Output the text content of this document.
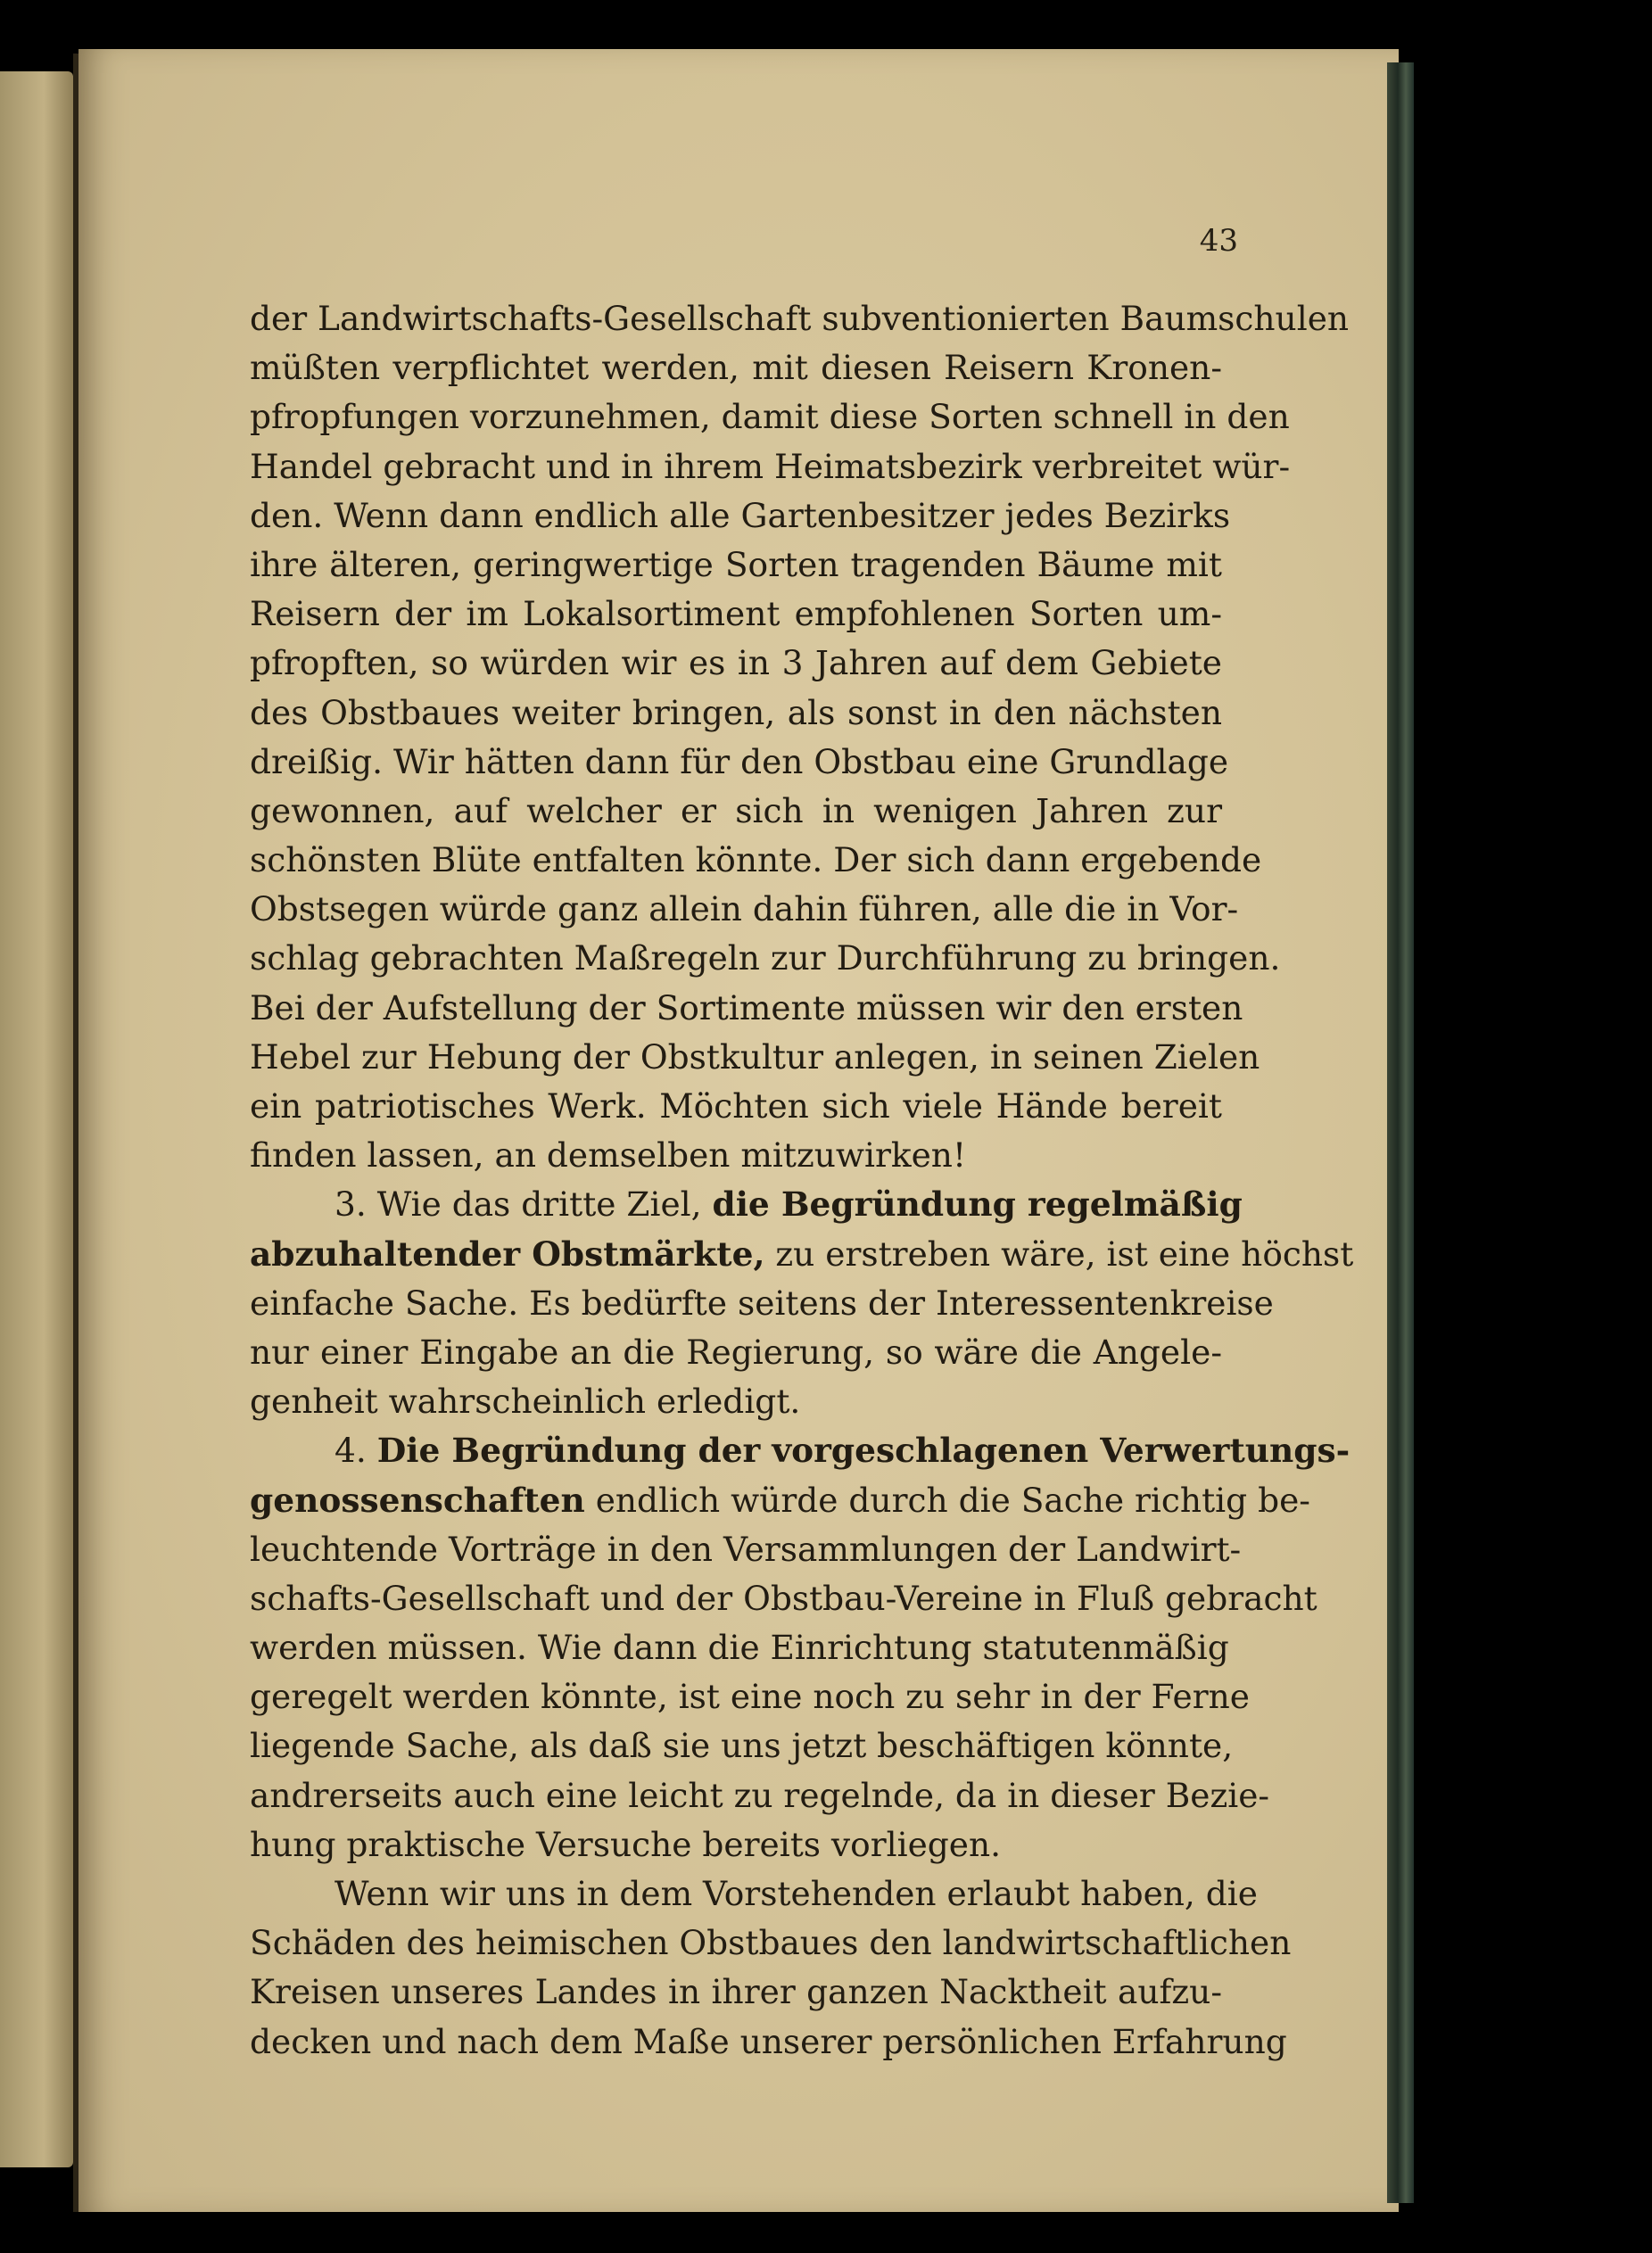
43
der Landwirtschafts-Gesellschaft subventionierten Baumschulen
müßten verpflichtet werden, mit diesen Reisern Kronen-
pfropfungen vorzunehmen, damit diese Sorten schnell in den
Handel gebracht und in ihrem Heimatsbezirk verbreitet wür-
den. Wenn dann endlich alle Gartenbesitzer jedes Bezirks
ihre älteren, geringwertige Sorten tragenden Bäume mit
Reisern der im Lokalsortiment empfohlenen Sorten um-
pfropften, so würden wir es in 3 Jahren auf dem Gebiete
des Obstbaues weiter bringen, als sonst in den nächsten
dreißig. Wir hätten dann für den Obstbau eine Grundlage
gewonnen, auf welcher er sich in wenigen Jahren zur
schönsten Blüte entfalten könnte. Der sich dann ergebende
Obstsegen würde ganz allein dahin führen, alle die in Vor-
schlag gebrachten Maßregeln zur Durchführung zu bringen.
Bei der Aufstellung der Sortimente müssen wir den ersten
Hebel zur Hebung der Obstkultur anlegen, in seinen Zielen
ein patriotisches Werk. Möchten sich viele Hände bereit
finden lassen, an demselben mitzuwirken!
3. Wie das dritte Ziel, die Begründung regelmäßig
abzuhaltender Obstmärkte, zu erstreben wäre, ist eine höchst
einfache Sache. Es bedürfte seitens der Interessentenkreise
nur einer Eingabe an die Regierung, so wäre die Angele-
genheit wahrscheinlich erledigt.
4. Die Begründung der vorgeschlagenen Verwertungs-
genossenschaften endlich würde durch die Sache richtig be-
leuchtende Vorträge in den Versammlungen der Landwirt-
schafts-Gesellschaft und der Obstbau-Vereine in Fluß gebracht
werden müssen. Wie dann die Einrichtung statutenmäßig
geregelt werden könnte, ist eine noch zu sehr in der Ferne
liegende Sache, als daß sie uns jetzt beschäftigen könnte,
andrerseits auch eine leicht zu regelnde, da in dieser Bezie-
hung praktische Versuche bereits vorliegen.
Wenn wir uns in dem Vorstehenden erlaubt haben, die
Schäden des heimischen Obstbaues den landwirtschaftlichen
Kreisen unseres Landes in ihrer ganzen Nacktheit aufzu-
decken und nach dem Maße unserer persönlichen Erfahrung
